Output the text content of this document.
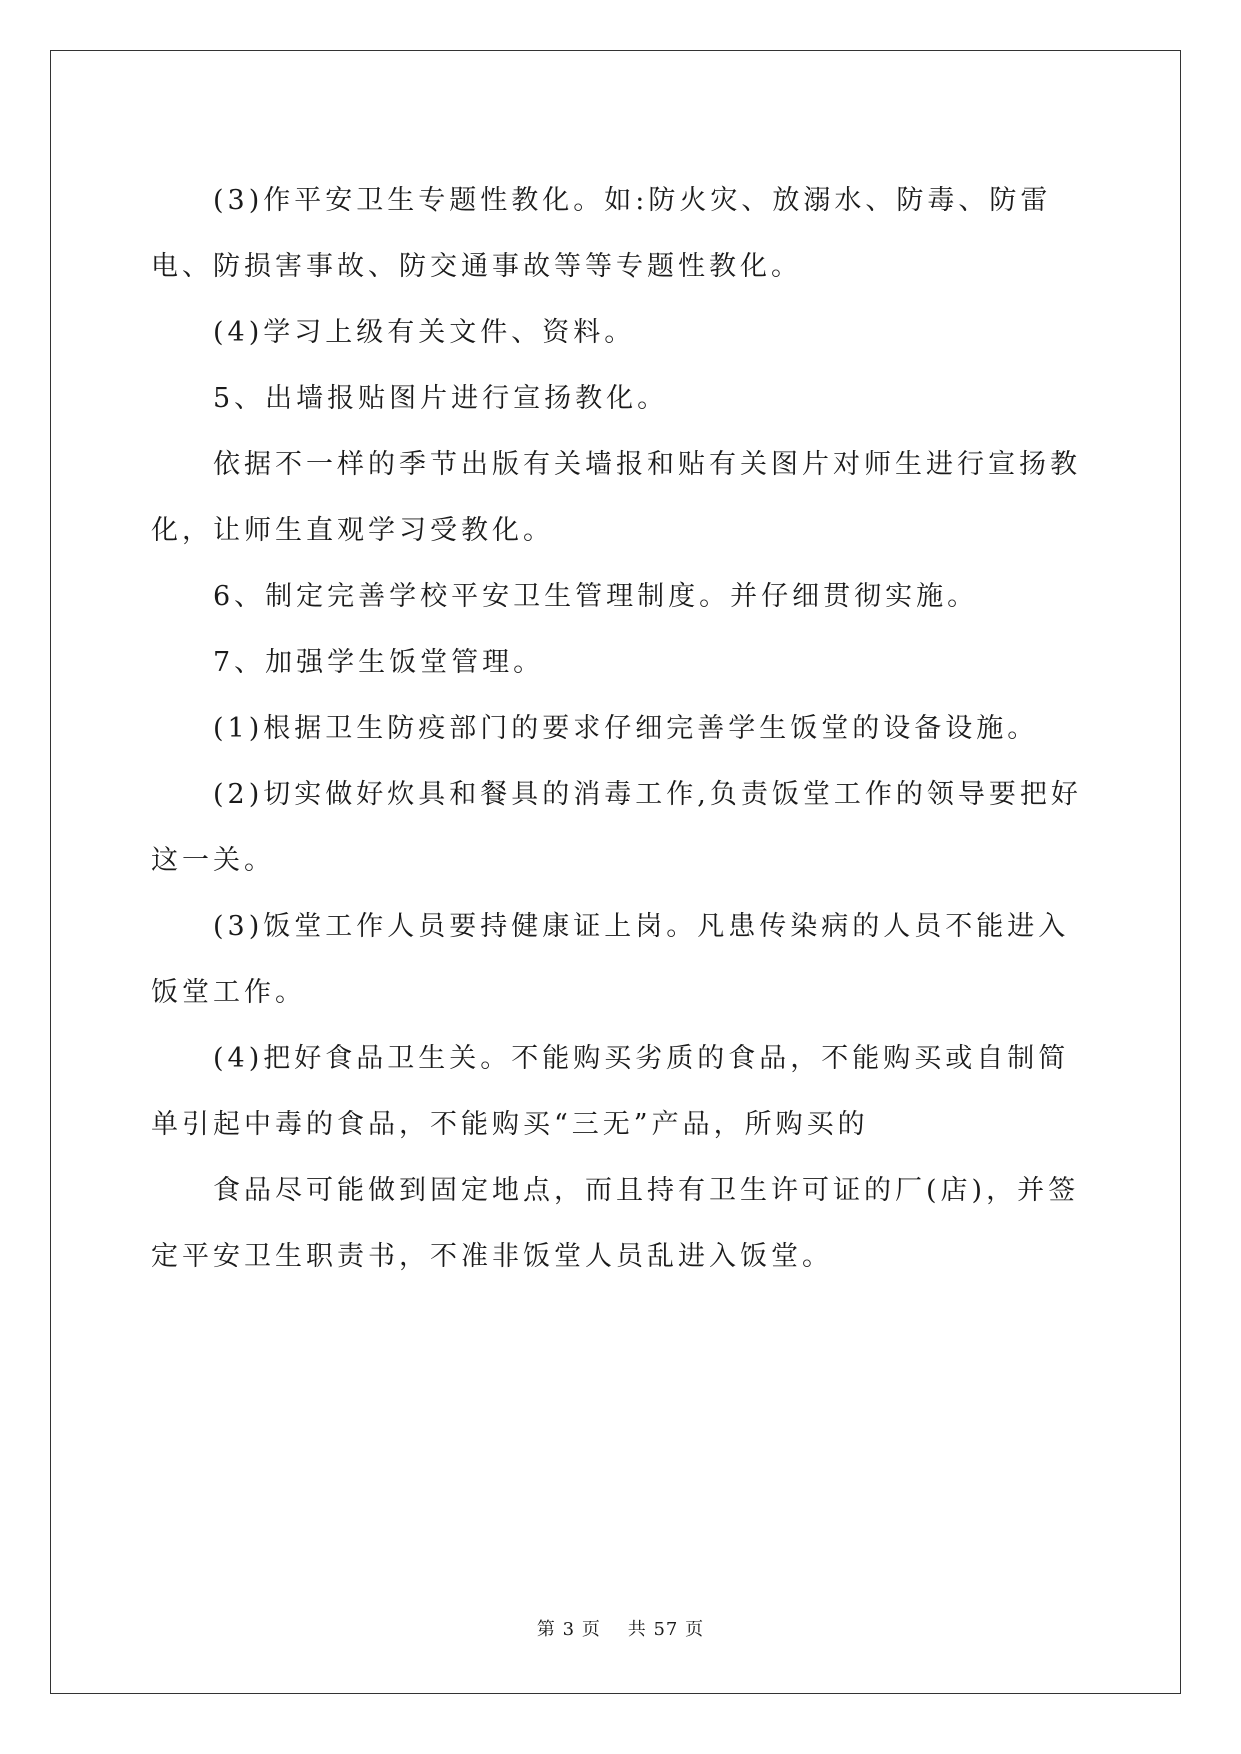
(3)作平安卫生专题性教化。如:防火灾、放溺水、防毒、防雷电、防损害事故、防交通事故等等专题性教化。

(4)学习上级有关文件、资料。

5、出墙报贴图片进行宣扬教化。

依据不一样的季节出版有关墙报和贴有关图片对师生进行宣扬教化，让师生直观学习受教化。

6、制定完善学校平安卫生管理制度。并仔细贯彻实施。

7、加强学生饭堂管理。

(1)根据卫生防疫部门的要求仔细完善学生饭堂的设备设施。

(2)切实做好炊具和餐具的消毒工作,负责饭堂工作的领导要把好这一关。

(3)饭堂工作人员要持健康证上岗。凡患传染病的人员不能进入饭堂工作。

(4)把好食品卫生关。不能购买劣质的食品，不能购买或自制简单引起中毒的食品，不能购买“三无”产品，所购买的

食品尽可能做到固定地点，而且持有卫生许可证的厂(店)，并签定平安卫生职责书，不准非饭堂人员乱进入饭堂。

第 3 页 共 57 页
